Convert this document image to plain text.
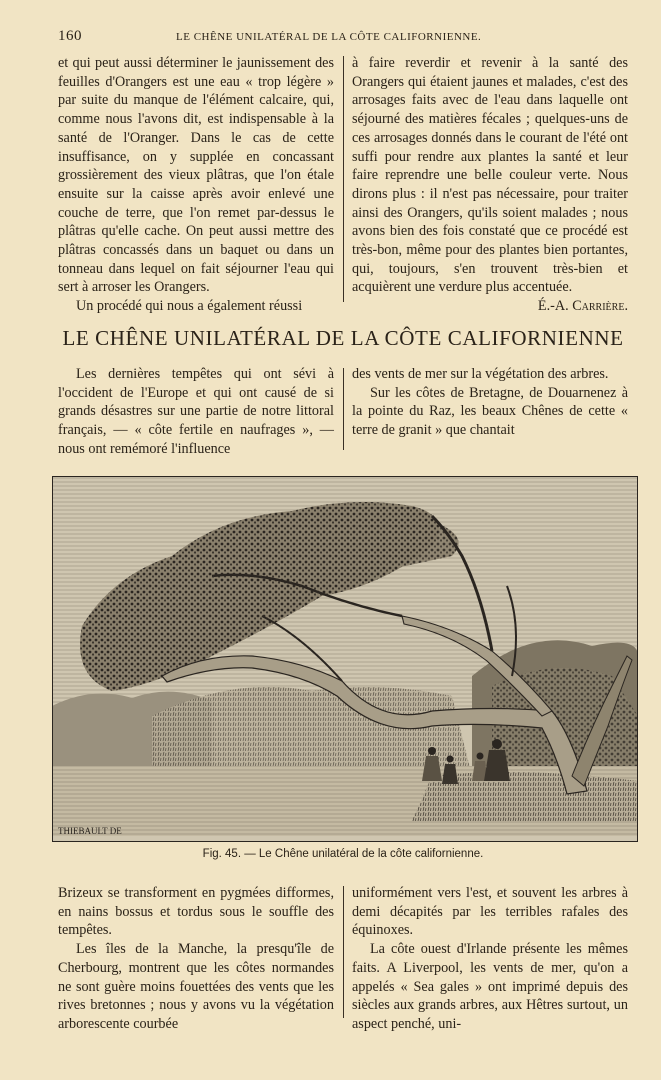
160	LE CHÊNE UNILATÉRAL DE LA CÔTE CALIFORNIENNE.

et qui peut aussi déterminer le jaunissement des feuilles d'Orangers est une eau « trop légère » par suite du manque de l'élément calcaire, qui, comme nous l'avons dit, est indispensable à la santé de l'Oranger. Dans le cas de cette insuffisance, on y supplée en concassant grossièrement des vieux plâtras, que l'on étale ensuite sur la caisse après avoir enlevé une couche de terre, que l'on remet par-dessus le plâtras qu'elle cache. On peut aussi mettre des plâtras concassés dans un baquet ou dans un tonneau dans lequel on fait séjourner l'eau qui sert à arroser les Orangers.

Un procédé qui nous a également réussi

à faire reverdir et revenir à la santé des Orangers qui étaient jaunes et malades, c'est des arrosages faits avec de l'eau dans laquelle ont séjourné des matières fécales ; quelques-uns de ces arrosages donnés dans le courant de l'été ont suffi pour rendre aux plantes la santé et leur faire reprendre une belle couleur verte. Nous dirons plus : il n'est pas nécessaire, pour traiter ainsi des Orangers, qu'ils soient malades ; nous avons bien des fois constaté que ce procédé est très-bon, même pour des plantes bien portantes, qui, toujours, s'en trouvent très-bien et acquièrent une verdure plus accentuée.

É.-A. Carrière.

LE CHÊNE UNILATÉRAL DE LA CÔTE CALIFORNIENNE

Les dernières tempêtes qui ont sévi à l'occident de l'Europe et qui ont causé de si grands désastres sur une partie de notre littoral français, — « côte fertile en naufrages », — nous ont remémoré l'influence

des vents de mer sur la végétation des arbres.

Sur les côtes de Bretagne, de Douarnenez à la pointe du Raz, les beaux Chênes de cette « terre de granit » que chantait

THIEBAULT DE
Fig. 45. — Le Chêne unilatéral de la côte californienne.

Brizeux se transforment en pygmées difformes, en nains bossus et tordus sous le souffle des tempêtes.

Les îles de la Manche, la presqu'île de Cherbourg, montrent que les côtes normandes ne sont guère moins fouettées des vents que les rives bretonnes ; nous y avons vu la végétation arborescente courbée

uniformément vers l'est, et souvent les arbres à demi décapités par les terribles rafales des équinoxes.

La côte ouest d'Irlande présente les mêmes faits. A Liverpool, les vents de mer, qu'on a appelés « Sea gales » ont imprimé depuis des siècles aux grands arbres, aux Hêtres surtout, un aspect penché, uni-
